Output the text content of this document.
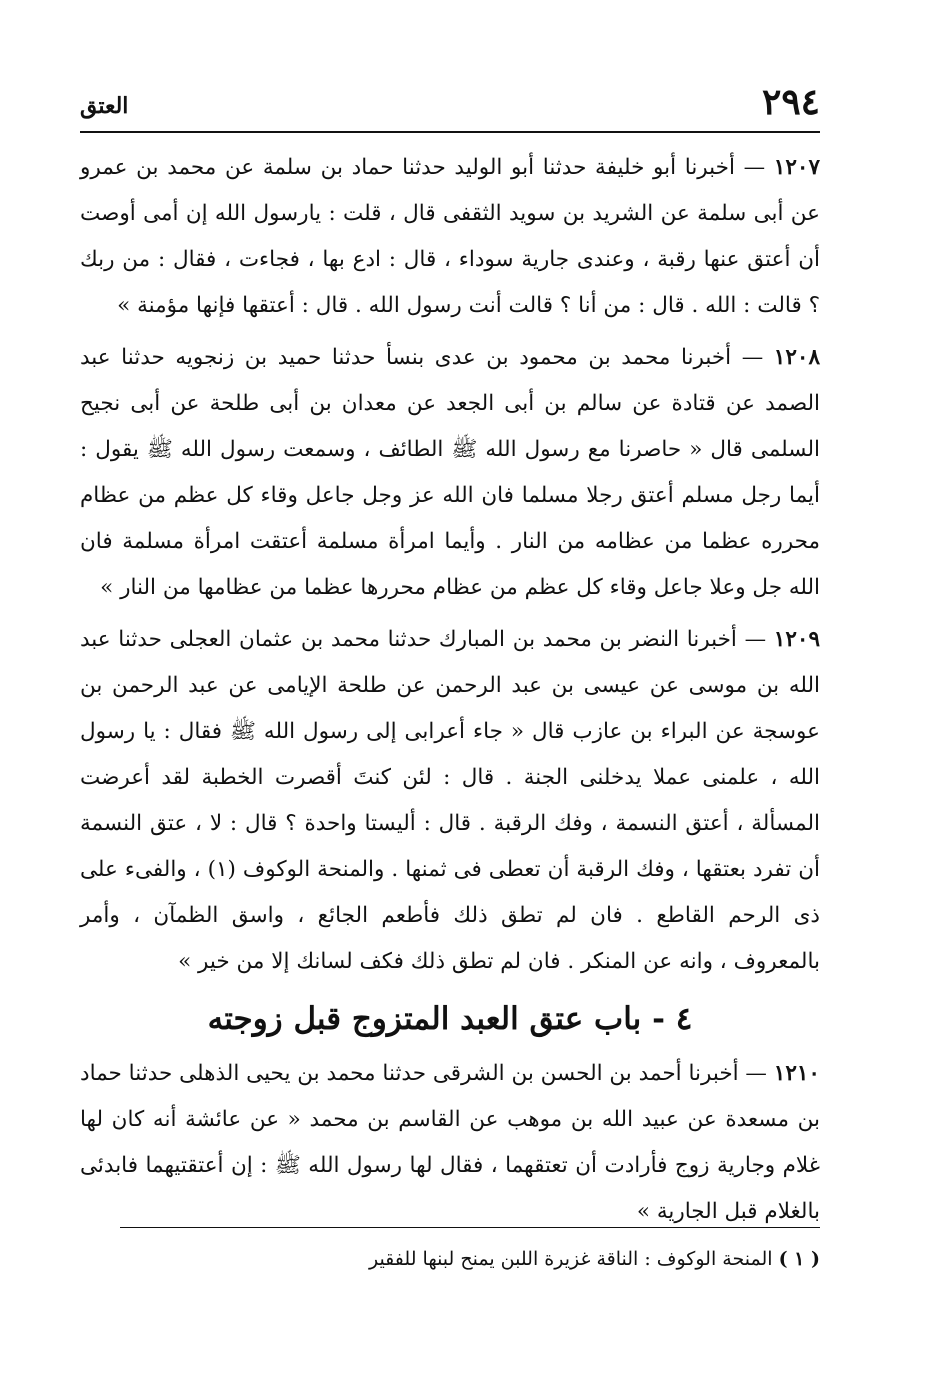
٢٩٤
العتق

١٢٠٧ — أخبرنا أبو خليفة حدثنا أبو الوليد حدثنا حماد بن سلمة عن محمد بن عمرو عن أبى سلمة عن الشريد بن سويد الثقفى قال ، قلت : يارسول الله إن أمى أوصت أن أعتق عنها رقبة ، وعندى جارية سوداء ، قال : ادع بها ، فجاءت ، فقال : من ربك ؟ قالت : الله . قال : من أنا ؟ قالت أنت رسول الله . قال : أعتقها فإنها مؤمنة »

١٢٠٨ — أخبرنا محمد بن محمود بن عدى بنسأ حدثنا حميد بن زنجويه حدثنا عبد الصمد عن قتادة عن سالم بن أبى الجعد عن معدان بن أبى طلحة عن أبى نجيح السلمى قال « حاصرنا مع رسول الله ﷺ الطائف ، وسمعت رسول الله ﷺ يقول : أيما رجل مسلم أعتق رجلا مسلما فان الله عز وجل جاعل وقاء كل عظم من عظام محرره عظما من عظامه من النار . وأيما امرأة مسلمة أعتقت امرأة مسلمة فان الله جل وعلا جاعل وقاء كل عظم من عظام محررها عظما من عظامها من النار »

١٢٠٩ — أخبرنا النضر بن محمد بن المبارك حدثنا محمد بن عثمان العجلى حدثنا عبد الله بن موسى عن عيسى بن عبد الرحمن عن طلحة الإيامى عن عبد الرحمن بن عوسجة عن البراء بن عازب قال « جاء أعرابى إلى رسول الله ﷺ فقال : يا رسول الله ، علمنى عملا يدخلنى الجنة . قال : لئن كنتَ أقصرت الخطبة لقد أعرضت المسألة ، أعتق النسمة ، وفك الرقبة . قال : أليستا واحدة ؟ قال : لا ، عتق النسمة أن تفرد بعتقها ، وفك الرقبة أن تعطى فى ثمنها . والمنحة الوكوف (١) ، والفىء على ذى الرحم القاطع . فان لم تطق ذلك فأطعم الجائع ، واسق الظمآن ، وأمر بالمعروف ، وانه عن المنكر . فان لم تطق ذلك فكف لسانك إلا من خير »

٤ - باب عتق العبد المتزوج قبل زوجته

١٢١٠ — أخبرنا أحمد بن الحسن بن الشرقى حدثنا محمد بن يحيى الذهلى حدثنا حماد بن مسعدة عن عبيد الله بن موهب عن القاسم بن محمد « عن عائشة أنه كان لها غلام وجارية زوج فأرادت أن تعتقهما ، فقال لها رسول الله ﷺ : إن أعتقتيهما فابدئى بالغلام قبل الجارية »

( ١ ) المنحة الوكوف : الناقة غزيرة اللبن يمنح لبنها للفقير
